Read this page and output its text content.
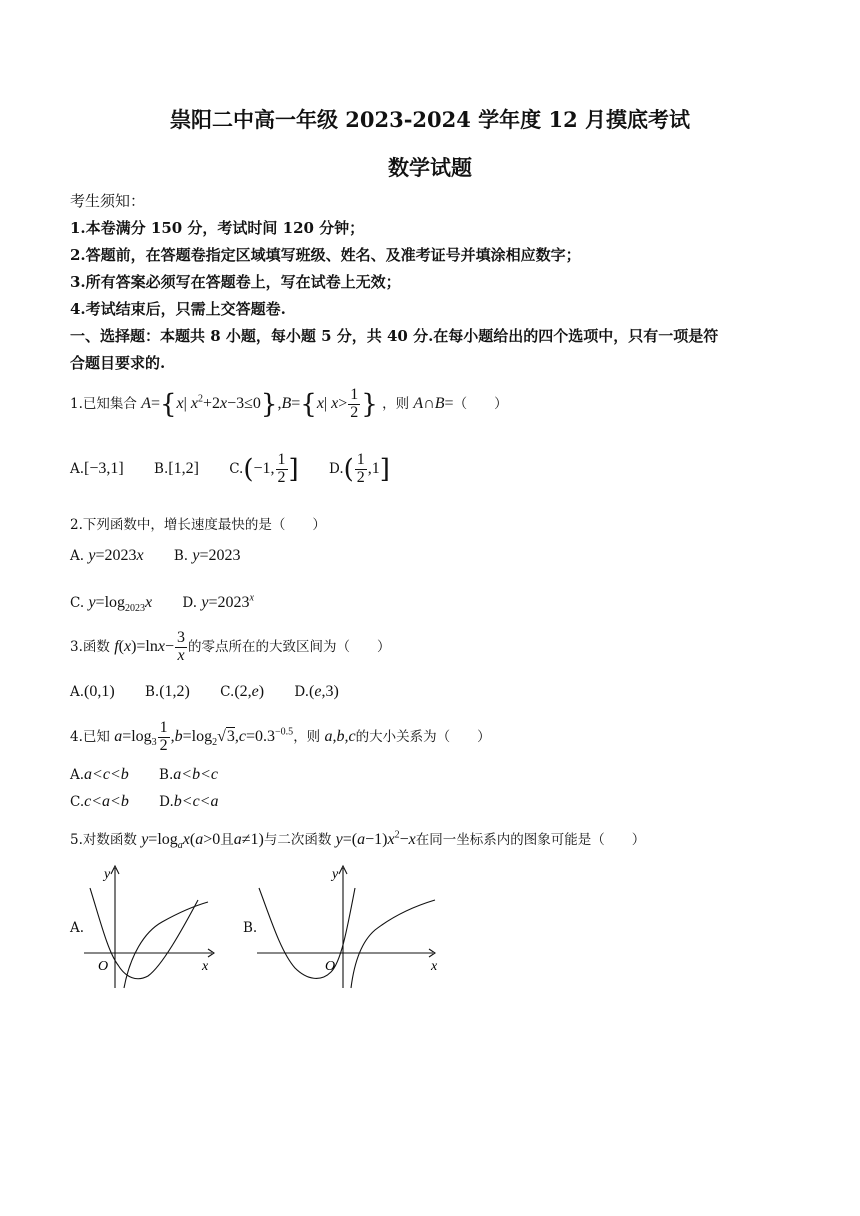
祟阳二中高一年级 2023-2024 学年度 12 月摸底考试
数学试题
考生须知：
1.本卷满分 150 分，考试时间 120 分钟；
2.答题前，在答题卷指定区域填写班级、姓名、及准考证号并填涂相应数字；
3.所有答案必须写在答题卷上，写在试卷上无效；
4.考试结束后，只需上交答题卷.
一、选择题：本题共 8 小题，每小题 5 分，共 40 分.在每小题给出的四个选项中，只有一项是符
合题目要求的.
1.已知集合 A={x| $x^2+2x-3\le 0\},B=\{x|$ $x> \frac{1}{2}$ } ，则 A∩B=（　　）
A.[−3,1] B.[1,2] C.(−1, $\frac{1}{2}$ ] $D.( \frac{1}{2} ,1]$
2.下列函数中，增长速度最快的是（　　）
A. y=2023x B. y=2023
C. $y=\log_{2023}x$ D. $y=2023^x$
3.函数 $f(x)=\ln x- \frac{3}{x}$ 的零点所在的大致区间为（　　）
A.(0,1) B.(1,2) C.(2,e) D.(e,3)
4.已知 $a=\log_3 \frac{1}{2} ,b=\log_2√3,c=0.3^{-0.5}$，则 a,b,c的大小关系为（　　）
A.a<c<b B.a<b<c
C.c<a<b D.b<c<a
5.对数函数 $y=\log_ax(a>0$且a≠1)与二次函数 $y=(a-1)x^2-x$在同一坐标系内的图象可能是（　　）
A.
y
x
O
B.
y
x
O
